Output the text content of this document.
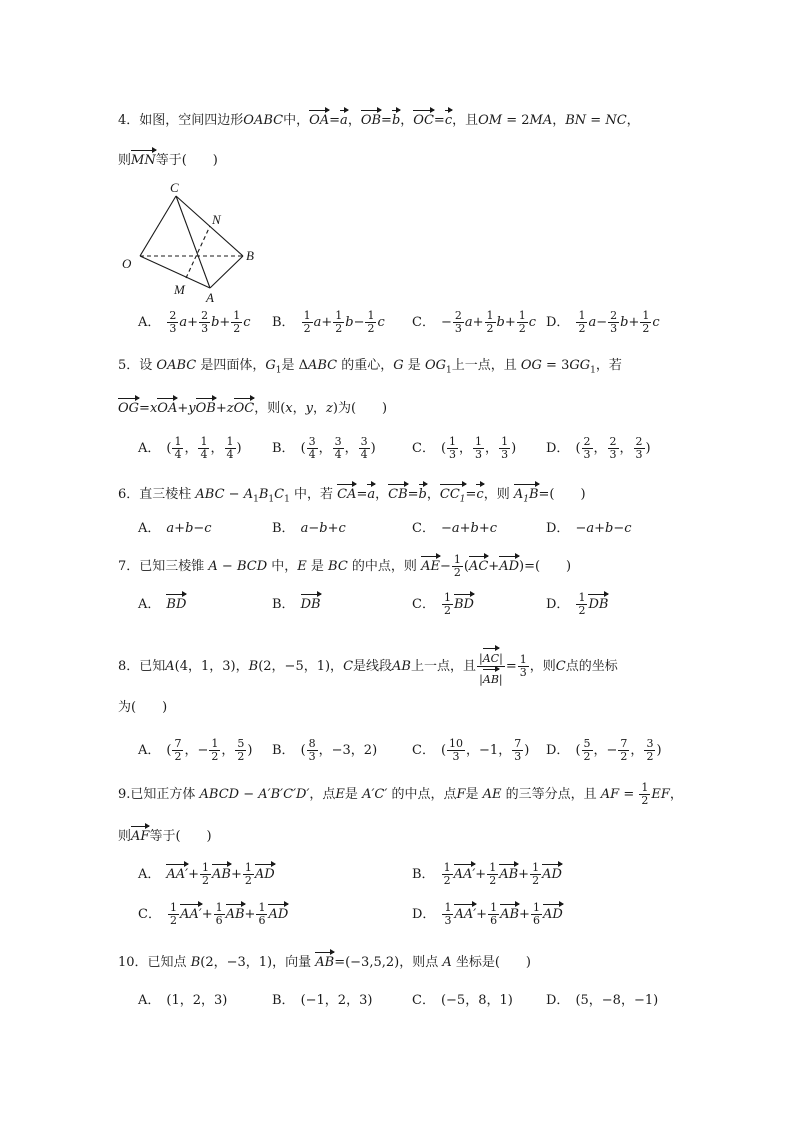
4．如图，空间四边形OABC中，OA=a，OB=b，OC=c，且OM = 2MA，BN = NC，
则MN等于(　　)
C
N
O
B
M
A
A． $\frac{2}{3} a+ \frac{2}{3} b+ \frac{1}{2}$ c B． $\frac{1}{2} a+ \frac{1}{2} b- \frac{1}{2}$ c C． − $\frac{2}{3} a+ \frac{1}{2} b+ \frac{1}{2}$ c D． $\frac{1}{2} a- \frac{2}{3} b+ \frac{1}{2}$ c
5．设 OABC 是四面体，$G_1$是 ΔABC 的重心，G 是 $OG_1$上一点，且 OG = $3GG_1$，若
OG=xOA+yOB+zOC，则(x，y，z)为(　　)
A． ( $\frac{1}{4}$ ， $\frac{1}{4}$ ， $\frac{1}{4}$ ) B． ( $\frac{3}{4}$ ， $\frac{3}{4}$ ， $\frac{3}{4}$ )	C． ( $\frac{1}{3}$ ， $\frac{1}{3}$ ， $\frac{1}{3}$ ) D． ( $\frac{2}{3}$ ， $\frac{2}{3}$ ， $\frac{2}{3}$ )
6．直三棱柱 ABC − $A_1B_1C_1$ 中，若 CA=a，CB=b，$CC_1=c$，则 $A_1B=$(　　)
A． a+b−c	B． a−b+c	C． −a+b+c	D． −a+b−c
7．已知三棱锥 A − BCD 中，E 是 BC 的中点，则 $AE- \frac{1}{2} (AC+AD)=$(　　)
A． BD	B． DB	C． $\frac{1}{2}$ BD	D． $\frac{1}{2}$ DB
8．已知A(4，1，3)，B(2，−5，1)，C是线段AB上一点，且 $\frac{|AC|}{|AB|} = \frac{1}{3}$ ，则C点的坐标
为(　　)
A． ( $\frac{7}{2}$ ，− $\frac{1}{2}$ ， $\frac{5}{2}$ ) B． ( $\frac{8}{3}$ ，−3，2)	C． ( $\frac{10}{3}$ ，−1， $\frac{7}{3}$ ) D． ( $\frac{5}{2}$ ，− $\frac{7}{2}$ ， $\frac{3}{2}$ )
9.已知正方体 ABCD − A′B′C′D′，点E是 A′C′ 的中点，点F是 AE 的三等分点，且 AF = $\frac{1}{2}$ EF，
则AF等于(　　)
A． $AA'+ \frac{1}{2} AB+ \frac{1}{2}$ AD	B． $\frac{1}{2} AA'+ \frac{1}{2} AB+ \frac{1}{2}$ AD
C． $\frac{1}{2} AA'+ \frac{1}{6} AB+ \frac{1}{6}$ AD	D． $\frac{1}{3} AA'+ \frac{1}{6} AB+ \frac{1}{6}$ AD
10．已知点 B(2，−3，1)，向量 AB=(−3,5,2)，则点 A 坐标是(　　)
A． (1，2，3)	B． (−1，2，3)	C． (−5，8，1)	D． (5，−8，−1)
